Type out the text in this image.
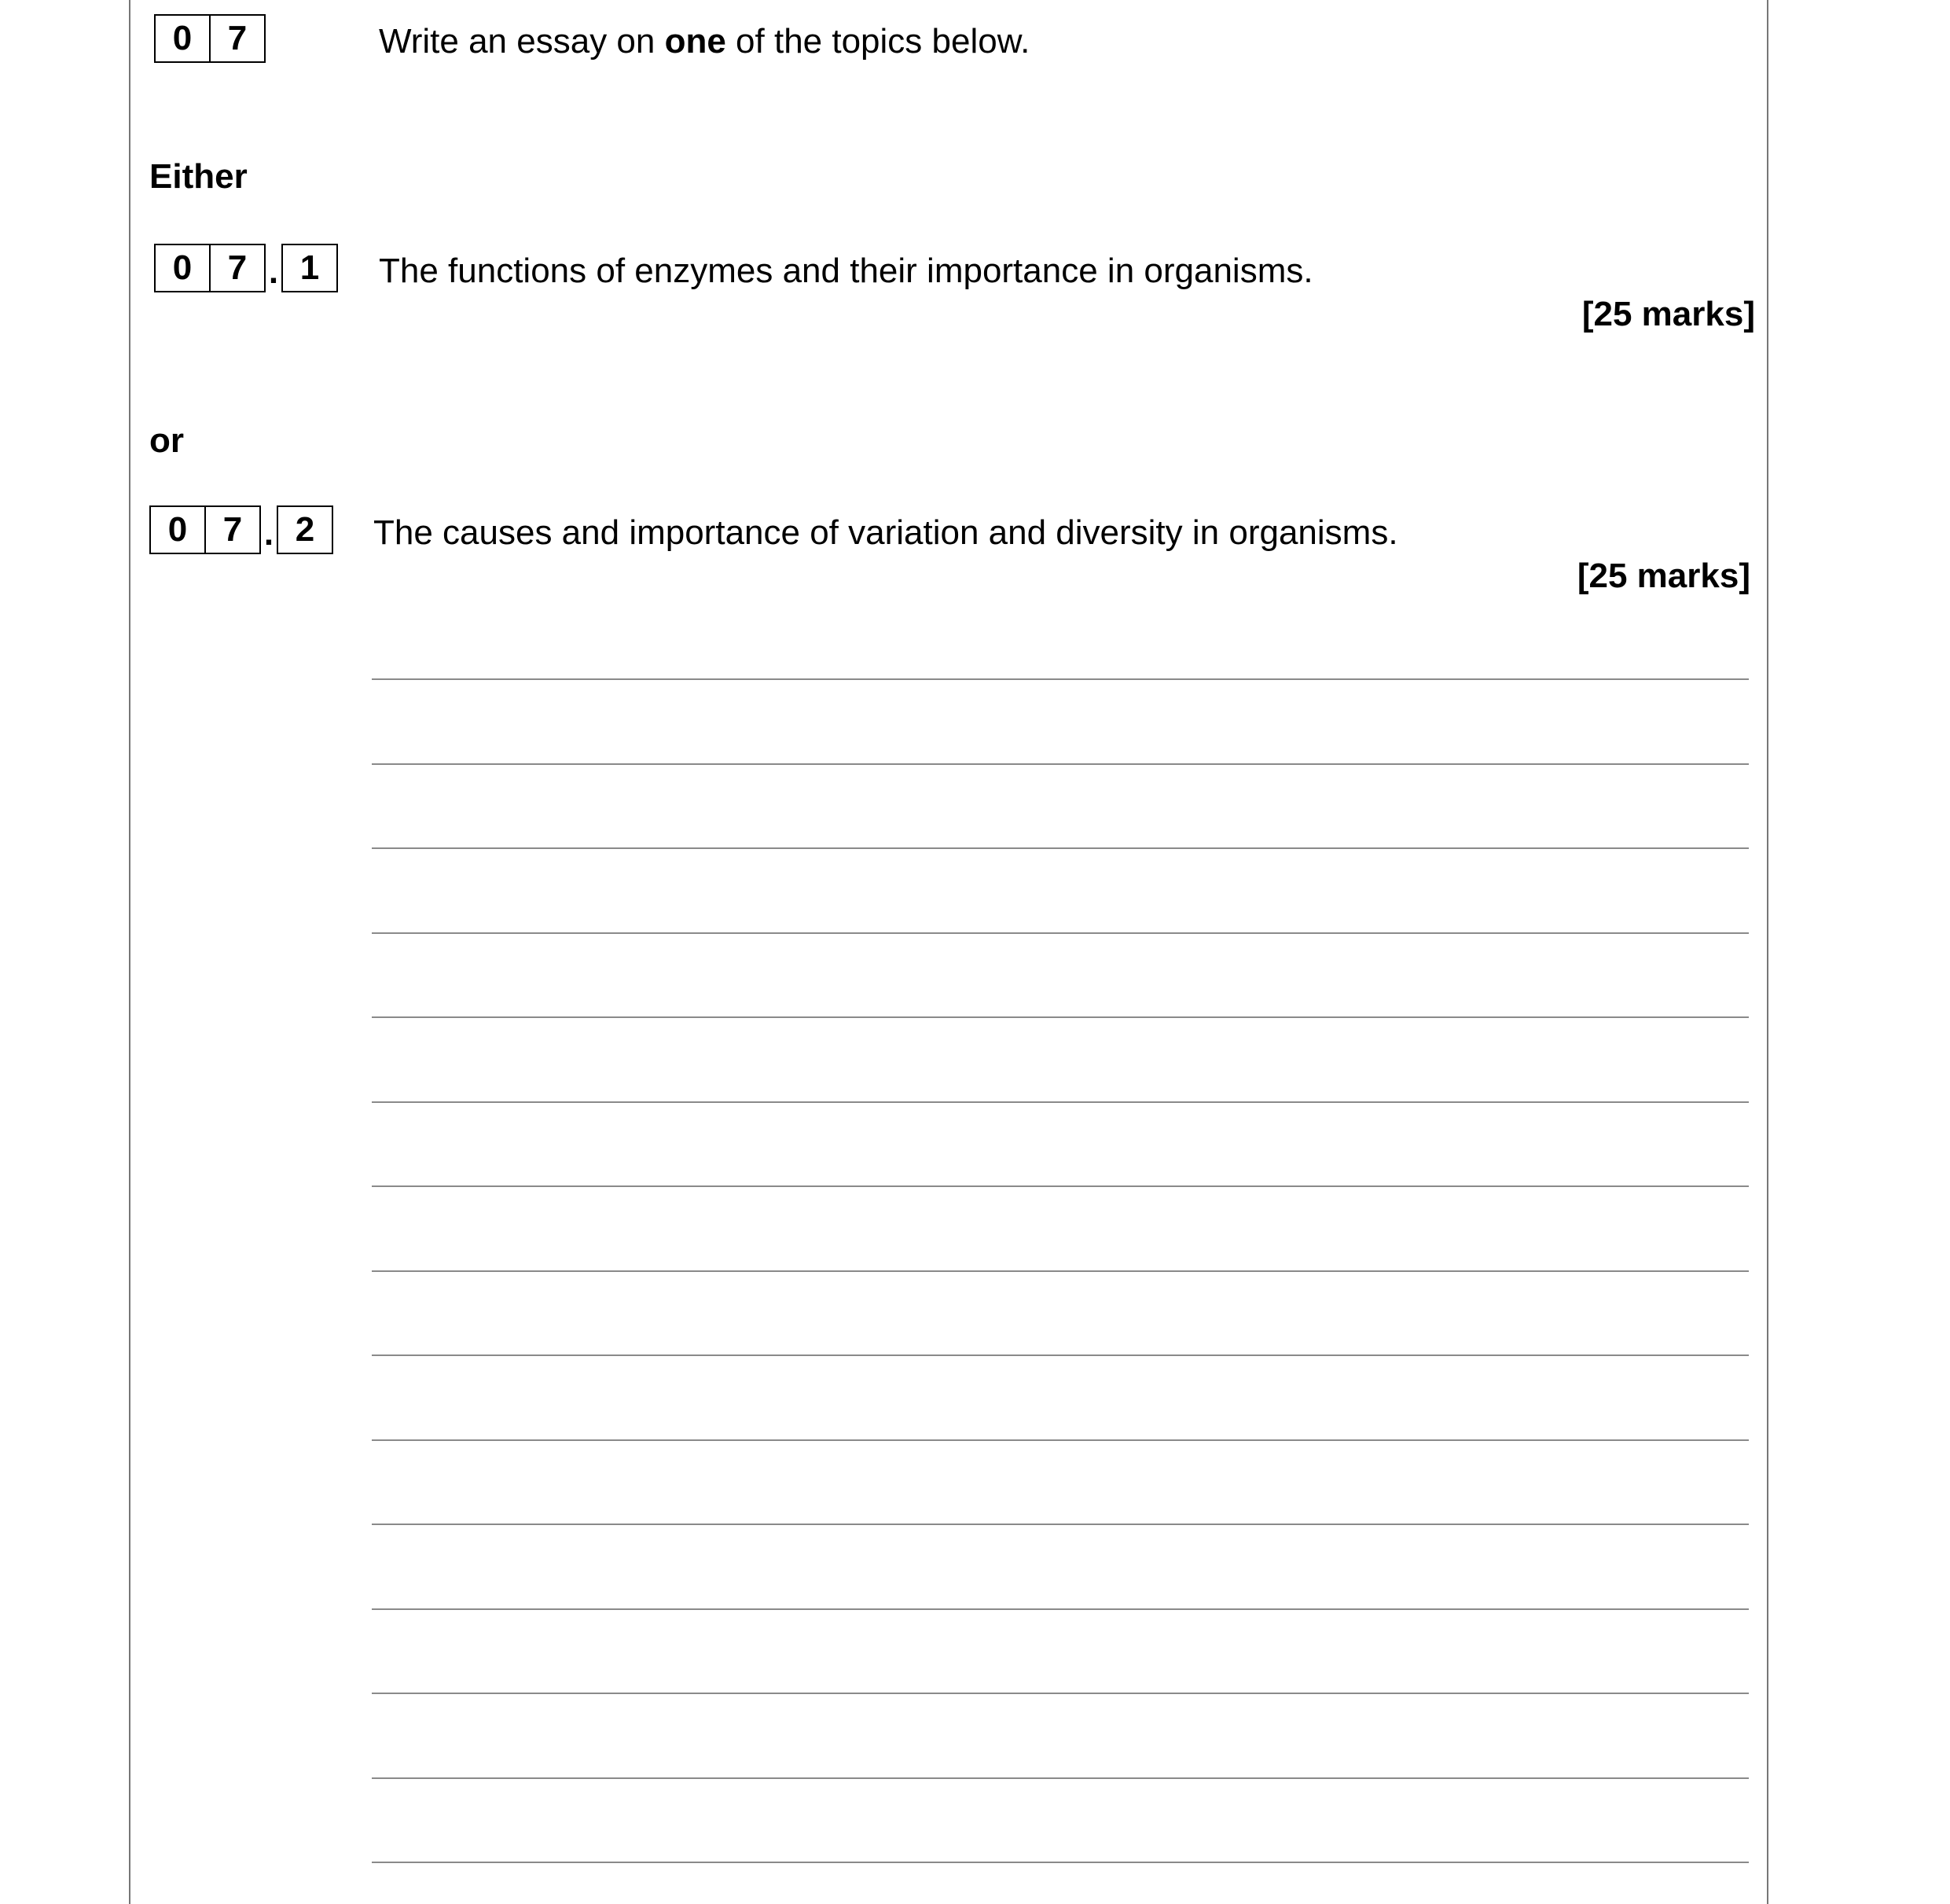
0	7	Write an essay on one of the topics below.
Either
0	7 . 1	The functions of enzymes and their importance in organisms.
[25 marks]
or
0	7 . 2	The causes and importance of variation and diversity in organisms.
[25 marks]
